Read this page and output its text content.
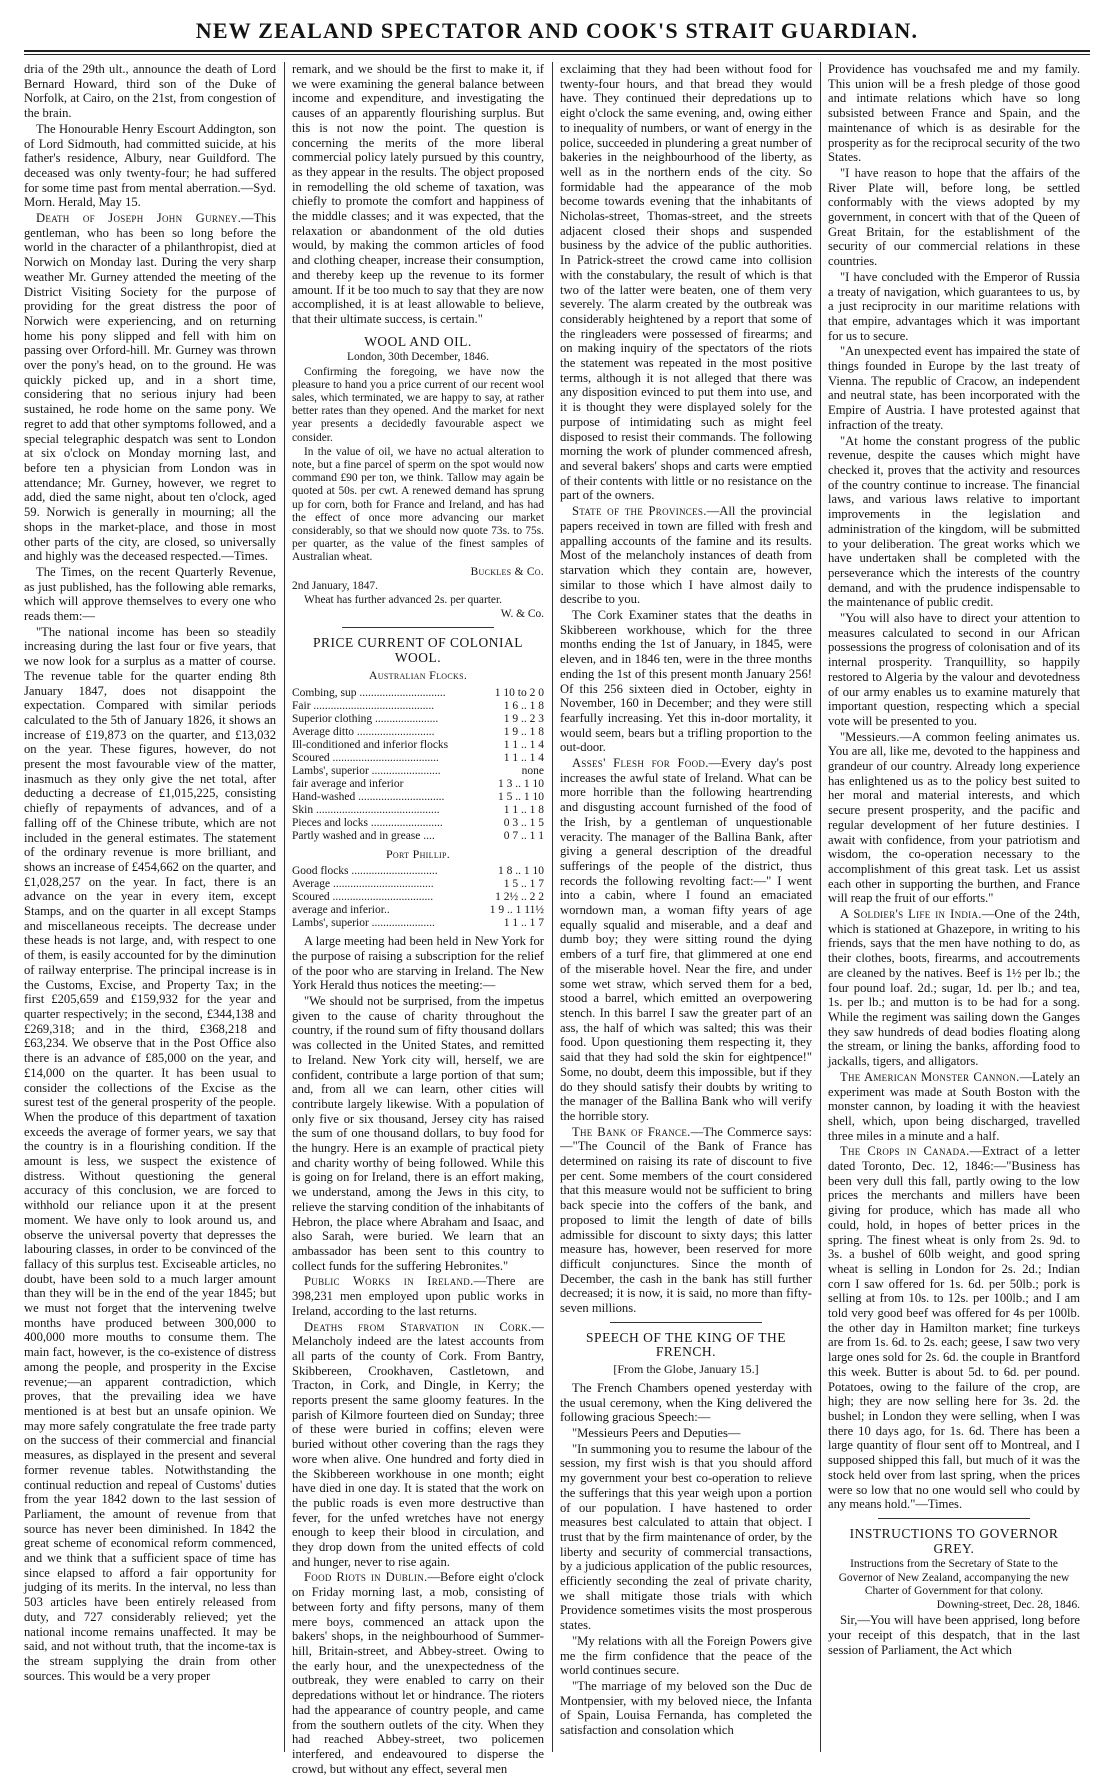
NEW ZEALAND SPECTATOR AND COOK'S STRAIT GUARDIAN.

dria of the 29th ult., announce the death of Lord Bernard Howard, third son of the Duke of Norfolk, at Cairo, on the 21st, from congestion of the brain.

The Honourable Henry Escourt Addington, son of Lord Sidmouth, had committed suicide, at his father's residence, Albury, near Guildford. The deceased was only twenty-four; he had suffered for some time past from mental aberration.—Syd. Morn. Herald, May 15.

Death of Joseph John Gurney.—This gentleman, who has been so long before the world in the character of a philanthropist, died at Norwich on Monday last. During the very sharp weather Mr. Gurney attended the meeting of the District Visiting Society for the purpose of providing for the great distress the poor of Norwich were experiencing, and on returning home his pony slipped and fell with him on passing over Orford-hill. Mr. Gurney was thrown over the pony's head, on to the ground. He was quickly picked up, and in a short time, considering that no serious injury had been sustained, he rode home on the same pony. We regret to add that other symptoms followed, and a special telegraphic despatch was sent to London at six o'clock on Monday morning last, and before ten a physician from London was in attendance; Mr. Gurney, however, we regret to add, died the same night, about ten o'clock, aged 59. Norwich is generally in mourning; all the shops in the market-place, and those in most other parts of the city, are closed, so universally and highly was the deceased respected.—Times.

The Times, on the recent Quarterly Revenue, as just published, has the following able remarks, which will approve themselves to every one who reads them:—

"The national income has been so steadily increasing during the last four or five years, that we now look for a surplus as a matter of course. The revenue table for the quarter ending 8th January 1847, does not disappoint the expectation. Compared with similar periods calculated to the 5th of January 1826, it shows an increase of £19,873 on the quarter, and £13,032 on the year. These figures, however, do not present the most favourable view of the matter, inasmuch as they only give the net total, after deducting a decrease of £1,015,225, consisting chiefly of repayments of advances, and of a falling off of the Chinese tribute, which are not included in the general estimates. The statement of the ordinary revenue is more brilliant, and shows an increase of £454,662 on the quarter, and £1,028,257 on the year. In fact, there is an advance on the year in every item, except Stamps, and on the quarter in all except Stamps and miscellaneous receipts. The decrease under these heads is not large, and, with respect to one of them, is easily accounted for by the diminution of railway enterprise. The principal increase is in the Customs, Excise, and Property Tax; in the first £205,659 and £159,932 for the year and quarter respectively; in the second, £344,138 and £269,318; and in the third, £368,218 and £63,234. We observe that in the Post Office also there is an advance of £85,000 on the year, and £14,000 on the quarter. It has been usual to consider the collections of the Excise as the surest test of the general prosperity of the people. When the produce of this department of taxation exceeds the average of former years, we say that the country is in a flourishing condition. If the amount is less, we suspect the existence of distress. Without questioning the general accuracy of this conclusion, we are forced to withhold our reliance upon it at the present moment. We have only to look around us, and observe the universal poverty that depresses the labouring classes, in order to be convinced of the fallacy of this surplus test. Exciseable articles, no doubt, have been sold to a much larger amount than they will be in the end of the year 1845; but we must not forget that the intervening twelve months have produced between 300,000 to 400,000 more mouths to consume them. The main fact, however, is the co-existence of distress among the people, and prosperity in the Excise revenue;—an apparent contradiction, which proves, that the prevailing idea we have mentioned is at best but an unsafe opinion. We may more safely congratulate the free trade party on the success of their commercial and financial measures, as displayed in the present and several former revenue tables. Notwithstanding the continual reduction and repeal of Customs' duties from the year 1842 down to the last session of Parliament, the amount of revenue from that source has never been diminished. In 1842 the great scheme of economical reform commenced, and we think that a sufficient space of time has since elapsed to afford a fair opportunity for judging of its merits. In the interval, no less than 503 articles have been entirely released from duty, and 727 considerably relieved; yet the national income remains unaffected. It may be said, and not without truth, that the income-tax is the stream supplying the drain from other sources. This would be a very proper

remark, and we should be the first to make it, if we were examining the general balance between income and expenditure, and investigating the causes of an apparently flourishing surplus. But this is not now the point. The question is concerning the merits of the more liberal commercial policy lately pursued by this country, as they appear in the results. The object proposed in remodelling the old scheme of taxation, was chiefly to promote the comfort and happiness of the middle classes; and it was expected, that the relaxation or abandonment of the old duties would, by making the common articles of food and clothing cheaper, increase their consumption, and thereby keep up the revenue to its former amount. If it be too much to say that they are now accomplished, it is at least allowable to believe, that their ultimate success, is certain."

WOOL AND OIL.

London, 30th December, 1846.

Confirming the foregoing, we have now the pleasure to hand you a price current of our recent wool sales, which terminated, we are happy to say, at rather better rates than they opened. And the market for next year presents a decidedly favourable aspect we consider.

In the value of oil, we have no actual alteration to note, but a fine parcel of sperm on the spot would now command £90 per ton, we think. Tallow may again be quoted at 50s. per cwt. A renewed demand has sprung up for corn, both for France and Ireland, and has had the effect of once more advancing our market considerably, so that we should now quote 73s. to 75s. per quarter, as the value of the finest samples of Australian wheat.

Buckles & Co.

2nd January, 1847.

Wheat has further advanced 2s. per quarter.

W. & Co.

PRICE CURRENT OF COLONIAL WOOL.
Australian Flocks.
Combing, sup ..............................	1 10 to 2 0
Fair ..........................................	1 6 .. 1 8
Superior clothing ......................	1 9 .. 2 3
Average ditto ...........................	1 9 .. 1 8
Ill-conditioned and inferior flocks	1 1 .. 1 4
Scoured .....................................	1 1 .. 1 4
Lambs', superior ........................	none
fair average and inferior	1 3 .. 1 10
Hand-washed ..............................	1 5 .. 1 10
Skin ...........................................	1 1 .. 1 8
Pieces and locks .........................	0 3 .. 1 5
Partly washed and in grease ....	0 7 .. 1 1
Port Phillip.
Good flocks ..............................	1 8 .. 1 10
Average ...................................	1 5 .. 1 7
Scoured ...................................	1 2½ .. 2 2
average and inferior..	1 9 .. 1 11½
Lambs', superior ......................	1 1 .. 1 7

A large meeting had been held in New York for the purpose of raising a subscription for the relief of the poor who are starving in Ireland. The New York Herald thus notices the meeting:—

"We should not be surprised, from the impetus given to the cause of charity throughout the country, if the round sum of fifty thousand dollars was collected in the United States, and remitted to Ireland. New York city will, herself, we are confident, contribute a large portion of that sum; and, from all we can learn, other cities will contribute largely likewise. With a population of only five or six thousand, Jersey city has raised the sum of one thousand dollars, to buy food for the hungry. Here is an example of practical piety and charity worthy of being followed. While this is going on for Ireland, there is an effort making, we understand, among the Jews in this city, to relieve the starving condition of the inhabitants of Hebron, the place where Abraham and Isaac, and also Sarah, were buried. We learn that an ambassador has been sent to this country to collect funds for the suffering Hebronites."

Public Works in Ireland.—There are 398,231 men employed upon public works in Ireland, according to the last returns.

Deaths from Starvation in Cork.—Melancholy indeed are the latest accounts from all parts of the county of Cork. From Bantry, Skibbereen, Crookhaven, Castletown, and Tracton, in Cork, and Dingle, in Kerry; the reports present the same gloomy features. In the parish of Kilmore fourteen died on Sunday; three of these were buried in coffins; eleven were buried without other covering than the rags they wore when alive. One hundred and forty died in the Skibbereen workhouse in one month; eight have died in one day. It is stated that the work on the public roads is even more destructive than fever, for the unfed wretches have not energy enough to keep their blood in circulation, and they drop down from the united effects of cold and hunger, never to rise again.

Food Riots in Dublin.—Before eight o'clock on Friday morning last, a mob, consisting of between forty and fifty persons, many of them mere boys, commenced an attack upon the bakers' shops, in the neighbourhood of Summer-hill, Britain-street, and Abbey-street. Owing to the early hour, and the unexpectedness of the outbreak, they were enabled to carry on their depredations without let or hindrance. The rioters had the appearance of country people, and came from the southern outlets of the city. When they had reached Abbey-street, two policemen interfered, and endeavoured to disperse the crowd, but without any effect, several men

exclaiming that they had been without food for twenty-four hours, and that bread they would have. They continued their depredations up to eight o'clock the same evening, and, owing either to inequality of numbers, or want of energy in the police, succeeded in plundering a great number of bakeries in the neighbourhood of the liberty, as well as in the northern ends of the city. So formidable had the appearance of the mob become towards evening that the inhabitants of Nicholas-street, Thomas-street, and the streets adjacent closed their shops and suspended business by the advice of the public authorities. In Patrick-street the crowd came into collision with the constabulary, the result of which is that two of the latter were beaten, one of them very severely. The alarm created by the outbreak was considerably heightened by a report that some of the ringleaders were possessed of firearms; and on making inquiry of the spectators of the riots the statement was repeated in the most positive terms, although it is not alleged that there was any disposition evinced to put them into use, and it is thought they were displayed solely for the purpose of intimidating such as might feel disposed to resist their commands. The following morning the work of plunder commenced afresh, and several bakers' shops and carts were emptied of their contents with little or no resistance on the part of the owners.

State of the Provinces.—All the provincial papers received in town are filled with fresh and appalling accounts of the famine and its results. Most of the melancholy instances of death from starvation which they contain are, however, similar to those which I have almost daily to describe to you.

The Cork Examiner states that the deaths in Skibbereen workhouse, which for the three months ending the 1st of January, in 1845, were eleven, and in 1846 ten, were in the three months ending the 1st of this present month January 256! Of this 256 sixteen died in October, eighty in November, 160 in December; and they were still fearfully increasing. Yet this in-door mortality, it would seem, bears but a trifling proportion to the out-door.

Asses' Flesh for Food.—Every day's post increases the awful state of Ireland. What can be more horrible than the following heartrending and disgusting account furnished of the food of the Irish, by a gentleman of unquestionable veracity. The manager of the Ballina Bank, after giving a general description of the dreadful sufferings of the people of the district, thus records the following revolting fact:—" I went into a cabin, where I found an emaciated worndown man, a woman fifty years of age equally squalid and miserable, and a deaf and dumb boy; they were sitting round the dying embers of a turf fire, that glimmered at one end of the miserable hovel. Near the fire, and under some wet straw, which served them for a bed, stood a barrel, which emitted an overpowering stench. In this barrel I saw the greater part of an ass, the half of which was salted; this was their food. Upon questioning them respecting it, they said that they had sold the skin for eightpence!" Some, no doubt, deem this impossible, but if they do they should satisfy their doubts by writing to the manager of the Ballina Bank who will verify the horrible story.

The Bank of France.—The Commerce says:—"The Council of the Bank of France has determined on raising its rate of discount to five per cent. Some members of the court considered that this measure would not be sufficient to bring back specie into the coffers of the bank, and proposed to limit the length of date of bills admissible for discount to sixty days; this latter measure has, however, been reserved for more difficult conjunctures. Since the month of December, the cash in the bank has still further decreased; it is now, it is said, no more than fifty-seven millions.

SPEECH OF THE KING OF THE FRENCH.
[From the Globe, January 15.]

The French Chambers opened yesterday with the usual ceremony, when the King delivered the following gracious Speech:—

"Messieurs Peers and Deputies—

"In summoning you to resume the labour of the session, my first wish is that you should afford my government your best co-operation to relieve the sufferings that this year weigh upon a portion of our population. I have hastened to order measures best calculated to attain that object. I trust that by the firm maintenance of order, by the liberty and security of commercial transactions, by a judicious application of the public resources, efficiently seconding the zeal of private charity, we shall mitigate those trials with which Providence sometimes visits the most prosperous states.

"My relations with all the Foreign Powers give me the firm confidence that the peace of the world continues secure.

"The marriage of my beloved son the Duc de Montpensier, with my beloved niece, the Infanta of Spain, Louisa Fernanda, has completed the satisfaction and consolation which

Providence has vouchsafed me and my family. This union will be a fresh pledge of those good and intimate relations which have so long subsisted between France and Spain, and the maintenance of which is as desirable for the prosperity as for the reciprocal security of the two States.

"I have reason to hope that the affairs of the River Plate will, before long, be settled conformably with the views adopted by my government, in concert with that of the Queen of Great Britain, for the establishment of the security of our commercial relations in these countries.

"I have concluded with the Emperor of Russia a treaty of navigation, which guarantees to us, by a just reciprocity in our maritime relations with that empire, advantages which it was important for us to secure.

"An unexpected event has impaired the state of things founded in Europe by the last treaty of Vienna. The republic of Cracow, an independent and neutral state, has been incorporated with the Empire of Austria. I have protested against that infraction of the treaty.

"At home the constant progress of the public revenue, despite the causes which might have checked it, proves that the activity and resources of the country continue to increase. The financial laws, and various laws relative to important improvements in the legislation and administration of the kingdom, will be submitted to your deliberation. The great works which we have undertaken shall be completed with the perseverance which the interests of the country demand, and with the prudence indispensable to the maintenance of public credit.

"You will also have to direct your attention to measures calculated to second in our African possessions the progress of colonisation and of its internal prosperity. Tranquillity, so happily restored to Algeria by the valour and devotedness of our army enables us to examine maturely that important question, respecting which a special vote will be presented to you.

"Messieurs.—A common feeling animates us. You are all, like me, devoted to the happiness and grandeur of our country. Already long experience has enlightened us as to the policy best suited to her moral and material interests, and which secure present prosperity, and the pacific and regular development of her future destinies. I await with confidence, from your patriotism and wisdom, the co-operation necessary to the accomplishment of this great task. Let us assist each other in supporting the burthen, and France will reap the fruit of our efforts."

A Soldier's Life in India.—One of the 24th, which is stationed at Ghazepore, in writing to his friends, says that the men have nothing to do, as their clothes, boots, firearms, and accoutrements are cleaned by the natives. Beef is 1½ per lb.; the four pound loaf. 2d.; sugar, 1d. per lb.; and tea, 1s. per lb.; and mutton is to be had for a song. While the regiment was sailing down the Ganges they saw hundreds of dead bodies floating along the stream, or lining the banks, affording food to jackalls, tigers, and alligators.

The American Monster Cannon.—Lately an experiment was made at South Boston with the monster cannon, by loading it with the heaviest shell, which, upon being discharged, travelled three miles in a minute and a half.

The Crops in Canada.—Extract of a letter dated Toronto, Dec. 12, 1846:—"Business has been very dull this fall, partly owing to the low prices the merchants and millers have been giving for produce, which has made all who could, hold, in hopes of better prices in the spring. The finest wheat is only from 2s. 9d. to 3s. a bushel of 60lb weight, and good spring wheat is selling in London for 2s. 2d.; Indian corn I saw offered for 1s. 6d. per 50lb.; pork is selling at from 10s. to 12s. per 100lb.; and I am told very good beef was offered for 4s per 100lb. the other day in Hamilton market; fine turkeys are from 1s. 6d. to 2s. each; geese, I saw two very large ones sold for 2s. 6d. the couple in Brantford this week. Butter is about 5d. to 6d. per pound. Potatoes, owing to the failure of the crop, are high; they are now selling here for 3s. 2d. the bushel; in London they were selling, when I was there 10 days ago, for 1s. 6d. There has been a large quantity of flour sent off to Montreal, and I supposed shipped this fall, but much of it was the stock held over from last spring, when the prices were so low that no one would sell who could by any means hold."—Times.

INSTRUCTIONS TO GOVERNOR GREY.

Instructions from the Secretary of State to the Governor of New Zealand, accompanying the new Charter of Government for that colony.

Downing-street, Dec. 28, 1846.

Sir,—You will have been apprised, long before your receipt of this despatch, that in the last session of Parliament, the Act which
